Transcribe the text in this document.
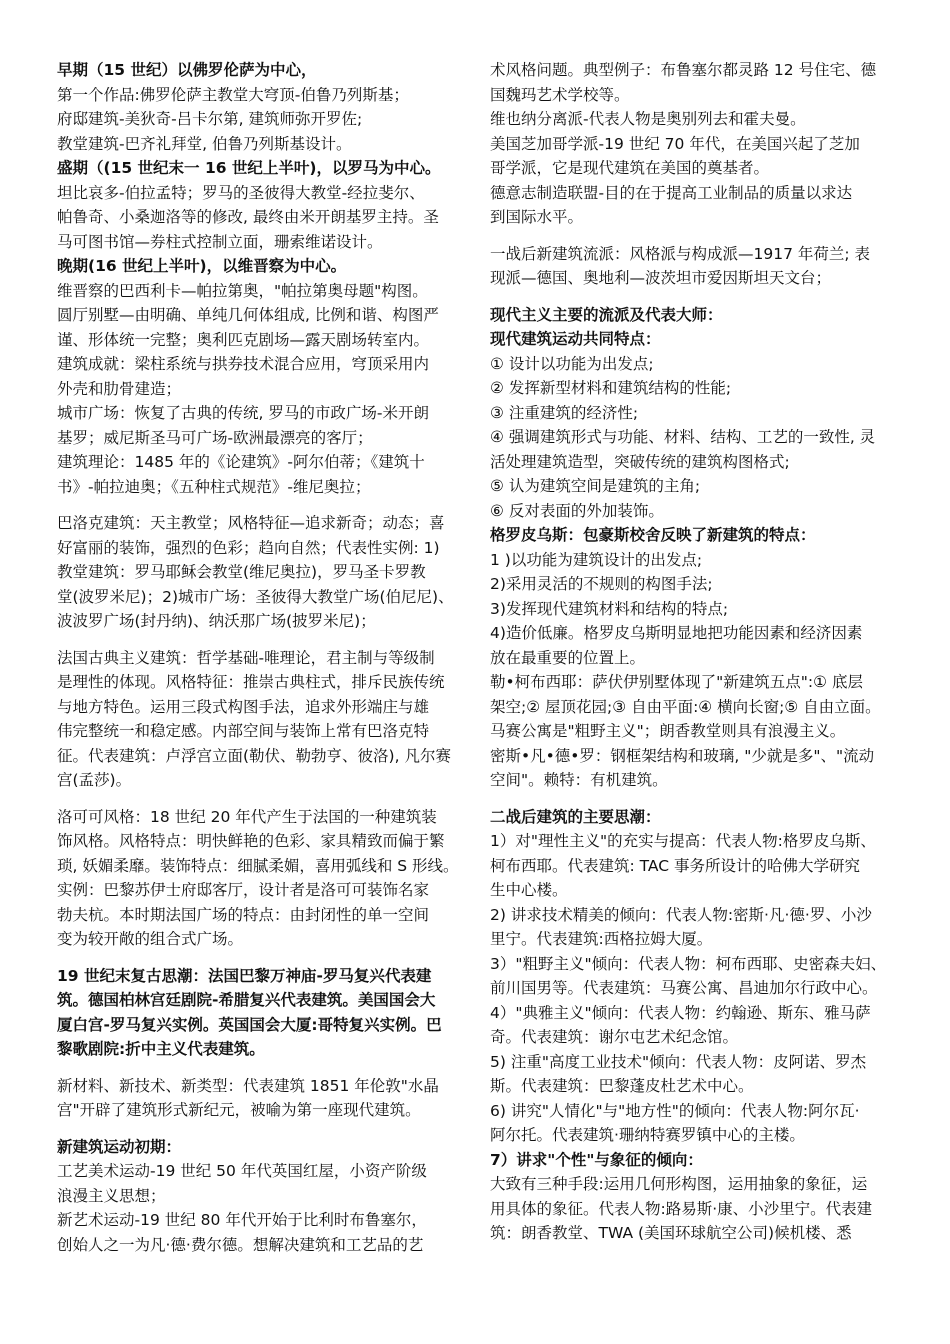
早期（15 世纪）以佛罗伦萨为中心，
第一个作品:佛罗伦萨主教堂大穹顶-伯鲁乃列斯基；
府邸建筑-美狄奇-吕卡尔第, 建筑师弥开罗佐;
教堂建筑-巴齐礼拜堂, 伯鲁乃列斯基设计。
盛期（(15 世纪末一 16 世纪上半叶)，以罗马为中心。
坦比哀多-伯拉孟特；罗马的圣彼得大教堂-经拉斐尔、
帕鲁奇、小桑迦洛等的修改, 最终由米开朗基罗主持。圣
马可图书馆—券柱式控制立面，珊索维诺设计。
晚期(16 世纪上半叶)，以维晋察为中心。
维晋察的巴西利卡—帕拉第奥，"帕拉第奥母题"构图。
圆厅别墅—由明确、单纯几何体组成, 比例和谐、构图严
谨、形体统一完整；奥利匹克剧场—露天剧场转室内。
建筑成就：梁柱系统与拱券技术混合应用，穹顶采用内
外壳和肋骨建造；
城市广场：恢复了古典的传统, 罗马的市政广场-米开朗
基罗；威尼斯圣马可广场-欧洲最漂亮的客厅；
建筑理论：1485 年的《论建筑》-阿尔伯蒂；《建筑十
书》-帕拉迪奥；《五种柱式规范》-维尼奥拉；
巴洛克建筑：天主教堂；风格特征—追求新奇；动态；喜
好富丽的装饰，强烈的色彩；趋向自然；代表性实例: 1)
教堂建筑：罗马耶稣会教堂(维尼奥拉)，罗马圣卡罗教
堂(波罗米尼)；2)城市广场：圣彼得大教堂广场(伯尼尼)、
波波罗广场(封丹纳)、纳沃那广场(披罗米尼)；
法国古典主义建筑：哲学基础-唯理论，君主制与等级制
是理性的体现。风格特征：推崇古典柱式，排斥民族传统
与地方特色。运用三段式构图手法，追求外形端庄与雄
伟完整统一和稳定感。内部空间与装饰上常有巴洛克特
征。代表建筑：卢浮宫立面(勒伏、勒勃亨、彼洛), 凡尔赛
宫(孟莎)。
洛可可风格：18 世纪 20 年代产生于法国的一种建筑装
饰风格。风格特点：明快鲜艳的色彩、家具精致而偏于繁
琐, 妖媚柔靡。装饰特点：细腻柔媚，喜用弧线和 S 形线。
实例：巴黎苏伊士府邸客厅，设计者是洛可可装饰名家
勃夫杭。本时期法国广场的特点：由封闭性的单一空间
变为较开敞的组合式广场。
19 世纪末复古思潮：法国巴黎万神庙-罗马复兴代表建
筑。德国柏林宫廷剧院-希腊复兴代表建筑。美国国会大
厦白宫-罗马复兴实例。英国国会大厦:哥特复兴实例。巴
黎歌剧院:折中主义代表建筑。
新材料、新技术、新类型：代表建筑 1851 年伦敦"水晶
宫"开辟了建筑形式新纪元，被喻为第一座现代建筑。
新建筑运动初期：
工艺美术运动-19 世纪 50 年代英国红屋，小资产阶级
浪漫主义思想；
新艺术运动-19 世纪 80 年代开始于比利时布鲁塞尔，
创始人之一为凡·德·费尔德。想解决建筑和工艺品的艺
术风格问题。典型例子：布鲁塞尔都灵路 12 号住宅、德
国魏玛艺术学校等。
维也纳分离派-代表人物是奥别列去和霍夫曼。
美国芝加哥学派-19 世纪 70 年代，在美国兴起了芝加
哥学派，它是现代建筑在美国的奠基者。
德意志制造联盟-目的在于提高工业制品的质量以求达
到国际水平。
一战后新建筑流派：风格派与构成派—1917 年荷兰; 表
现派—德国、奥地利—波茨坦市爱因斯坦天文台；
现代主义主要的流派及代表大师：
现代建筑运动共同特点：
① 设计以功能为出发点;
② 发挥新型材料和建筑结构的性能;
③ 注重建筑的经济性;
④ 强调建筑形式与功能、材料、结构、工艺的一致性, 灵
活处理建筑造型，突破传统的建筑构图格式;
⑤ 认为建筑空间是建筑的主角;
⑥ 反对表面的外加装饰。
格罗皮乌斯：包豪斯校舍反映了新建筑的特点：
1 )以功能为建筑设计的出发点;
2)采用灵活的不规则的构图手法;
3)发挥现代建筑材料和结构的特点;
4)造价低廉。格罗皮乌斯明显地把功能因素和经济因素
放在最重要的位置上。
勒•柯布西耶：萨伏伊别墅体现了"新建筑五点":① 底层
架空;② 屋顶花园;③ 自由平面:④ 横向长窗;⑤ 自由立面。
马赛公寓是"粗野主义"；朗香教堂则具有浪漫主义。
密斯•凡•德•罗：钢框架结构和玻璃, "少就是多"、"流动
空间"。赖特：有机建筑。
二战后建筑的主要思潮：
1）对"理性主义"的充实与提高：代表人物:格罗皮乌斯、
柯布西耶。代表建筑: TAC 事务所设计的哈佛大学研究
生中心楼。
2) 讲求技术精美的倾向：代表人物:密斯·凡·德·罗、小沙
里宁。代表建筑:西格拉姆大厦。
3）"粗野主义"倾向：代表人物：柯布西耶、史密森夫妇、
前川国男等。代表建筑：马赛公寓、昌迪加尔行政中心。
4）"典雅主义"倾向：代表人物：约翰逊、斯东、雅马萨
奇。代表建筑：谢尔屯艺术纪念馆。
5) 注重"高度工业技术"倾向：代表人物：皮阿诺、罗杰
斯。代表建筑：巴黎蓬皮杜艺术中心。
6) 讲究"人情化"与"地方性"的倾向：代表人物:阿尔瓦·
阿尔托。代表建筑·珊纳特赛罗镇中心的主楼。
7）讲求"个性"与象征的倾向：
大致有三种手段:运用几何形构图，运用抽象的象征，运
用具体的象征。代表人物:路易斯·康、小沙里宁。代表建
筑：朗香教堂、TWA (美国环球航空公司)候机楼、悉
